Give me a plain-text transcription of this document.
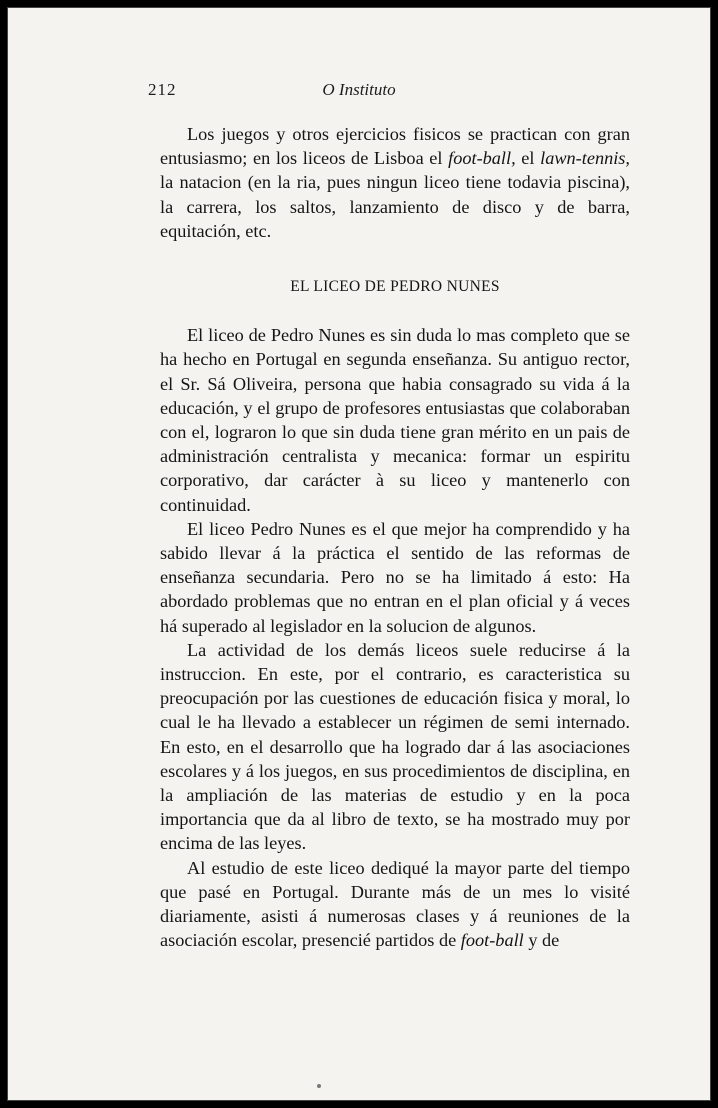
212	O Instituto

Los juegos y otros ejercicios fisicos se practican con gran entusiasmo; en los liceos de Lisboa el foot-ball, el lawn-tennis, la natacion (en la ria, pues ningun liceo tiene todavia piscina), la carrera, los saltos, lanzamiento de disco y de barra, equitación, etc.

EL LICEO DE PEDRO NUNES

El liceo de Pedro Nunes es sin duda lo mas completo que se ha hecho en Portugal en segunda enseñanza. Su antiguo rector, el Sr. Sá Oliveira, persona que habia consagrado su vida á la educación, y el grupo de profesores entusiastas que colaboraban con el, lograron lo que sin duda tiene gran mérito en un pais de administración centralista y mecanica: formar un espiritu corporativo, dar carácter à su liceo y mantenerlo con continuidad.

El liceo Pedro Nunes es el que mejor ha comprendido y ha sabido llevar á la práctica el sentido de las reformas de enseñanza secundaria. Pero no se ha limitado á esto: Ha abordado problemas que no entran en el plan oficial y á veces há superado al legislador en la solucion de algunos.

La actividad de los demás liceos suele reducirse á la instruccion. En este, por el contrario, es caracteristica su preocupación por las cuestiones de educación fisica y moral, lo cual le ha llevado a establecer un régimen de semi internado. En esto, en el desarrollo que ha logrado dar á las asociaciones escolares y á los juegos, en sus procedimientos de disciplina, en la ampliación de las materias de estudio y en la poca importancia que da al libro de texto, se ha mostrado muy por encima de las leyes.

Al estudio de este liceo dediqué la mayor parte del tiempo que pasé en Portugal. Durante más de un mes lo visité diariamente, asisti á numerosas clases y á reuniones de la asociación escolar, presencié partidos de foot-ball y de
